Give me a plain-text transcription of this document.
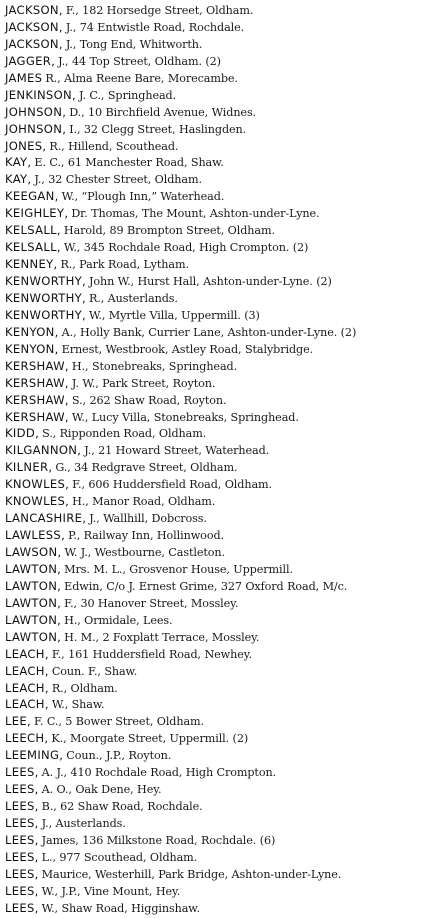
JACKSON, F., 182 Horsedge Street, Oldham.
JACKSON, J., 74 Entwistle Road, Rochdale.
JACKSON, J., Tong End, Whitworth.
JAGGER, J., 44 Top Street, Oldham. (2)
JAMES R., Alma Reene Bare, Morecambe.
JENKINSON, J. C., Springhead.
JOHNSON, D., 10 Birchfield Avenue, Widnes.
JOHNSON, I., 32 Clegg Street, Haslingden.
JONES, R., Hillend, Scouthead.
KAY, E. C., 61 Manchester Road, Shaw.
KAY, J., 32 Chester Street, Oldham.
KEEGAN, W., “Plough Inn,” Waterhead.
KEIGHLEY, Dr. Thomas, The Mount, Ashton-under-Lyne.
KELSALL, Harold, 89 Brompton Street, Oldham.
KELSALL, W., 345 Rochdale Road, High Crompton. (2)
KENNEY, R., Park Road, Lytham.
KENWORTHY, John W., Hurst Hall, Ashton-under-Lyne. (2)
KENWORTHY, R., Austerlands.
KENWORTHY, W., Myrtle Villa, Uppermill. (3)
KENYON, A., Holly Bank, Currier Lane, Ashton-under-Lyne. (2)
KENYON, Ernest, Westbrook, Astley Road, Stalybridge.
KERSHAW, H., Stonebreaks, Springhead.
KERSHAW, J. W., Park Street, Royton.
KERSHAW, S., 262 Shaw Road, Royton.
KERSHAW, W., Lucy Villa, Stonebreaks, Springhead.
KIDD, S., Ripponden Road, Oldham.
KILGANNON, J., 21 Howard Street, Waterhead.
KILNER, G., 34 Redgrave Street, Oldham.
KNOWLES, F., 606 Huddersfield Road, Oldham.
KNOWLES, H., Manor Road, Oldham.
LANCASHIRE, J., Wallhill, Dobcross.
LAWLESS, P., Railway Inn, Hollinwood.
LAWSON, W. J., Westbourne, Castleton.
LAWTON, Mrs. M. L., Grosvenor House, Uppermill.
LAWTON, Edwin, C/o J. Ernest Grime, 327 Oxford Road, M/c.
LAWTON, F., 30 Hanover Street, Mossley.
LAWTON, H., Ormidale, Lees.
LAWTON, H. M., 2 Foxplatt Terrace, Mossley.
LEACH, F., 161 Huddersfield Road, Newhey.
LEACH, Coun. F., Shaw.
LEACH, R., Oldham.
LEACH, W., Shaw.
LEE, F. C., 5 Bower Street, Oldham.
LEECH, K., Moorgate Street, Uppermill. (2)
LEEMING, Coun., J.P., Royton.
LEES, A. J., 410 Rochdale Road, High Crompton.
LEES, A. O., Oak Dene, Hey.
LEES, B., 62 Shaw Road, Rochdale.
LEES, J., Austerlands.
LEES, James, 136 Milkstone Road, Rochdale. (6)
LEES, L., 977 Scouthead, Oldham.
LEES, Maurice, Westerhill, Park Bridge, Ashton-under-Lyne.
LEES, W., J.P., Vine Mount, Hey.
LEES, W., Shaw Road, Higginshaw.
